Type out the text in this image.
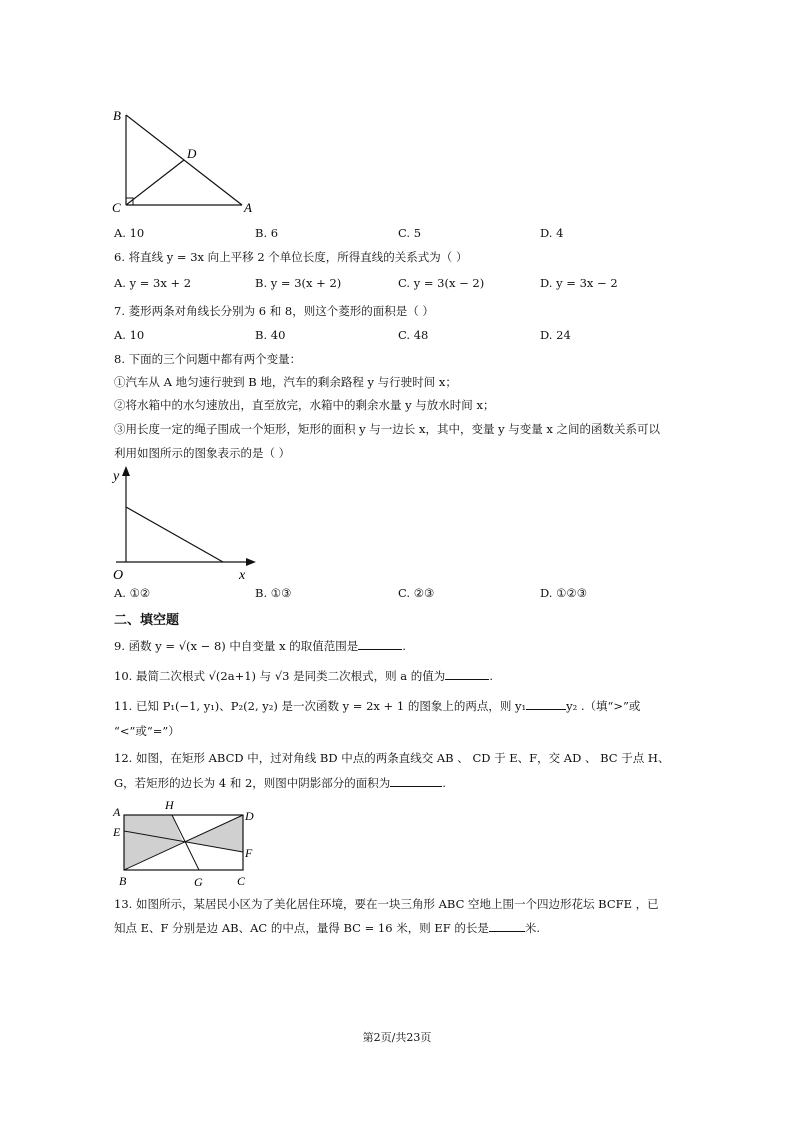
B
D
C	A
A. 10	B. 6	C. 5	D. 4
6. 将直线 y = 3x 向上平移 2 个单位长度，所得直线的关系式为（ ）
A. y = 3x + 2	B. y = 3(x + 2)	C. y = 3(x − 2)	D. y = 3x − 2
7. 菱形两条对角线长分别为 6 和 8，则这个菱形的面积是（ ）
A. 10	B. 40	C. 48	D. 24
8. 下面的三个问题中都有两个变量：
①汽车从 A 地匀速行驶到 B 地，汽车的剩余路程 y 与行驶时间 x；
②将水箱中的水匀速放出，直至放完，水箱中的剩余水量 y 与放水时间 x；
③用长度一定的绳子围成一个矩形，矩形的面积 y 与一边长 x，其中，变量 y 与变量 x 之间的函数关系可以
利用如图所示的图象表示的是（ ）
y
O	x
A. ①②	B. ①③	C. ②③	D. ①②③
二、填空题
9. 函数 y = √(x − 8) 中自变量 x 的取值范围是	.
10. 最简二次根式 √(2a+1) 与 √3 是同类二次根式，则 a 的值为	.
11. 已知 P₁(−1, y₁)、P₂(2, y₂) 是一次函数 y = 2x + 1 的图象上的两点，则 y₁	y₂ .（填“>”或
“<”或“=”）
12. 如图，在矩形 ABCD 中，过对角线 BD 中点的两条直线交 AB 、 CD 于 E、F，交 AD 、 BC 于点 H、
G，若矩形的边长为 4 和 2，则图中阴影部分的面积为	.
A	H
D
E
F
B	G	C
13. 如图所示，某居民小区为了美化居住环境，要在一块三角形 ABC 空地上围一个四边形花坛 BCFE ，已
知点 E、F 分别是边 AB、AC 的中点，量得 BC = 16 米，则 EF 的长是	米.
第2页/共23页
